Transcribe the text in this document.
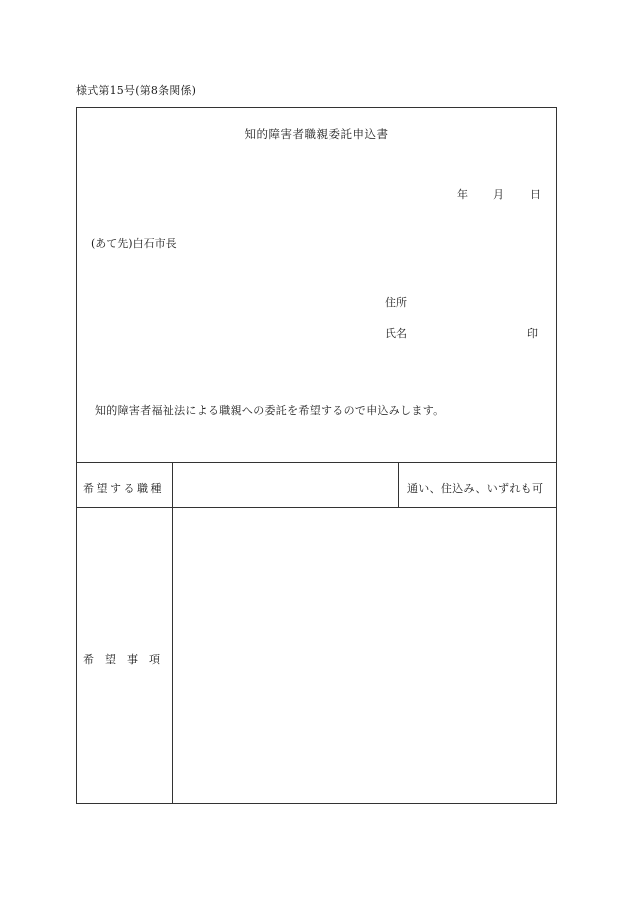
様式第15号(第8条関係)
知的障害者職親委託申込書
年 月 日
(あて先)白石市長
住所
氏名	印
知的障害者福祉法による職親への委託を希望するので申込みします。
希望する職種	通い、住込み、いずれも可
希望事項
